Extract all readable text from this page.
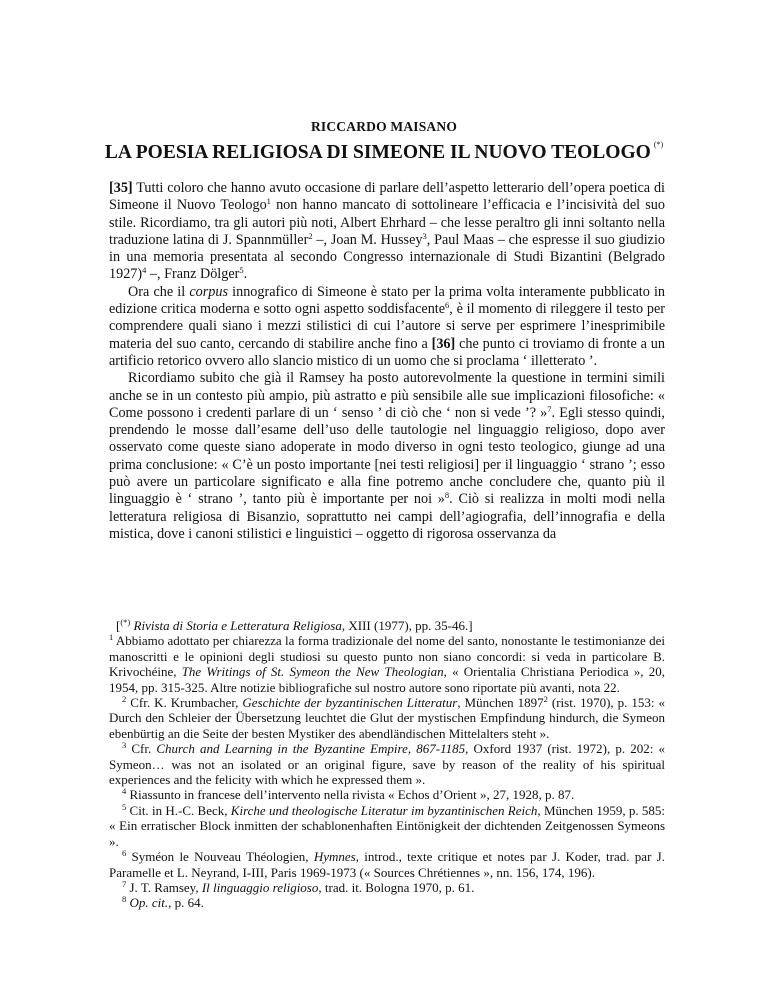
RICCARDO MAISANO
LA POESIA RELIGIOSA DI SIMEONE IL NUOVO TEOLOGO (*)

[35] Tutti coloro che hanno avuto occasione di parlare dell’aspetto letterario dell’opera poetica di Simeone il Nuovo Teologo$^1$ non hanno mancato di sottolineare l’efficacia e l’incisività del suo stile. Ricordiamo, tra gli autori più noti, Albert Ehrhard – che lesse peraltro gli inni soltanto nella traduzione latina di J. Spannmüller$^2$ –, Joan M. Hussey$^3$, Paul Maas – che espresse il suo giudizio in una memoria presentata al secondo Congresso internazionale di Studi Bizantini (Belgrado 1927)$^4$ –, Franz Dölger$^5$.

Ora che il corpus innografico di Simeone è stato per la prima volta interamente pubblicato in edizione critica moderna e sotto ogni aspetto soddisfacente$^6$, è il momento di rileggere il testo per comprendere quali siano i mezzi stilistici di cui l’autore si serve per esprimere l’inesprimibile materia del suo canto, cercando di stabilire anche fino a [36] che punto ci troviamo di fronte a un artificio retorico ovvero allo slancio mistico di un uomo che si proclama ‘ illetterato ’.

Ricordiamo subito che già il Ramsey ha posto autorevolmente la questione in termini simili anche se in un contesto più ampio, più astratto e più sensibile alle sue implicazioni filosofiche: « Come possono i credenti parlare di un ‘ senso ’ di ciò che ‘ non si vede ’? »$^7$. Egli stesso quindi, prendendo le mosse dall’esame dell’uso delle tautologie nel linguaggio religioso, dopo aver osservato come queste siano adoperate in modo diverso in ogni testo teologico, giunge ad una prima conclusione: « C’è un posto importante [nei testi religiosi] per il linguaggio ‘ strano ’; esso può avere un particolare significato e alla fine potremo anche concludere che, quanto più il linguaggio è ‘ strano ’, tanto più è importante per noi »$^8$. Ciò si realizza in molti modi nella letteratura religiosa di Bisanzio, soprattutto nei campi dell’agiografia, dell’innografia e della mistica, dove i canoni stilistici e linguistici – oggetto di rigorosa osservanza da

[(*) Rivista di Storia e Letteratura Religiosa, XIII (1977), pp. 35-46.]

$^1$ Abbiamo adottato per chiarezza la forma tradizionale del nome del santo, nonostante le testimonianze dei manoscritti e le opinioni degli studiosi su questo punto non siano concordi: si veda in particolare B. Krivochéine, The Writings of St. Symeon the New Theologian, « Orientalia Christiana Periodica », 20, 1954, pp. 315-325. Altre notizie bibliografiche sul nostro autore sono riportate più avanti, nota 22.

$^2$ Cfr. K. Krumbacher, Geschichte der byzantinischen Litteratur, München 1897$^2$ (rist. 1970), p. 153: « Durch den Schleier der Übersetzung leuchtet die Glut der mystischen Empfindung hindurch, die Symeon ebenbürtig an die Seite der besten Mystiker des abendländischen Mittelalters steht ».

$^3$ Cfr. Church and Learning in the Byzantine Empire, 867-1185, Oxford 1937 (rist. 1972), p. 202: « Symeon… was not an isolated or an original figure, save by reason of the reality of his spiritual experiences and the felicity with which he expressed them ».

$^4$ Riassunto in francese dell’intervento nella rivista « Echos d’Orient », 27, 1928, p. 87.

$^5$ Cit. in H.-C. Beck, Kirche und theologische Literatur im byzantinischen Reich, München 1959, p. 585: « Ein erratischer Block inmitten der schablonenhaften Eintönigkeit der dichtenden Zeitgenossen Symeons ».

$^6$ Syméon le Nouveau Théologien, Hymnes, introd., texte critique et notes par J. Koder, trad. par J. Paramelle et L. Neyrand, I-III, Paris 1969-1973 (« Sources Chrétiennes », nn. 156, 174, 196).

$^7$ J. T. Ramsey, Il linguaggio religioso, trad. it. Bologna 1970, p. 61.

$^8$ Op. cit., p. 64.
